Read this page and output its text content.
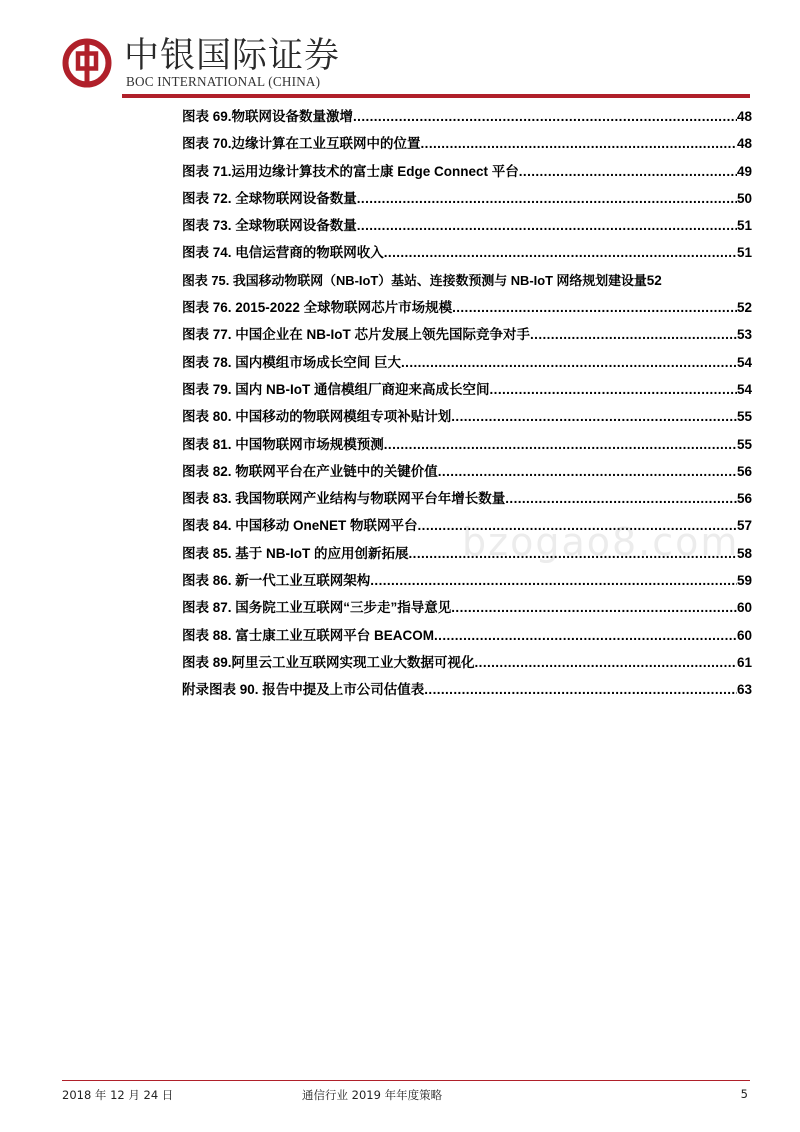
中银国际证券
BOC INTERNATIONAL (CHINA)
图表 69.物联网设备数量激增 .....	48
图表 70.边缘计算在工业互联网中的位置 .....	48
图表 71.运用边缘计算技术的富士康 Edge Connect 平台 .....	49
图表 72. 全球物联网设备数量 .....	50
图表 73. 全球物联网设备数量 .....	51
图表 74. 电信运营商的物联网收入 .....	51
图表 75. 我国移动物联网（NB-IoT）基站、连接数预测与 NB-IoT 网络规划建设量 52
图表 76. 2015-2022 全球物联网芯片市场规模 .....	52
图表 77. 中国企业在 NB-IoT 芯片发展上领先国际竞争对手 .....	53
图表 78. 国内模组市场成长空间 巨大 .....	54
图表 79. 国内 NB-IoT 通信模组厂商迎来高成长空间 .....	54
图表 80. 中国移动的物联网模组专项补贴计划 .....	55
图表 81. 中国物联网市场规模预测 .....	55
图表 82. 物联网平台在产业链中的关键价值 .....	56
图表 83. 我国物联网产业结构与物联网平台年增长数量 .....	56
图表 84. 中国移动 OneNET 物联网平台 .....	57
图表 85. 基于 NB-IoT 的应用创新拓展 .....	58
图表 86. 新一代工业互联网架构 .....	59
图表 87. 国务院工业互联网“三步走”指导意见 .....	60
图表 88. 富士康工业互联网平台 BEACOM .....	60
图表 89.阿里云工业互联网实现工业大数据可视化 .....	61
附录图表 90. 报告中提及上市公司估值表 .....	63
bzogao8.com
2018 年 12 月 24 日	通信行业 2019 年年度策略	5
